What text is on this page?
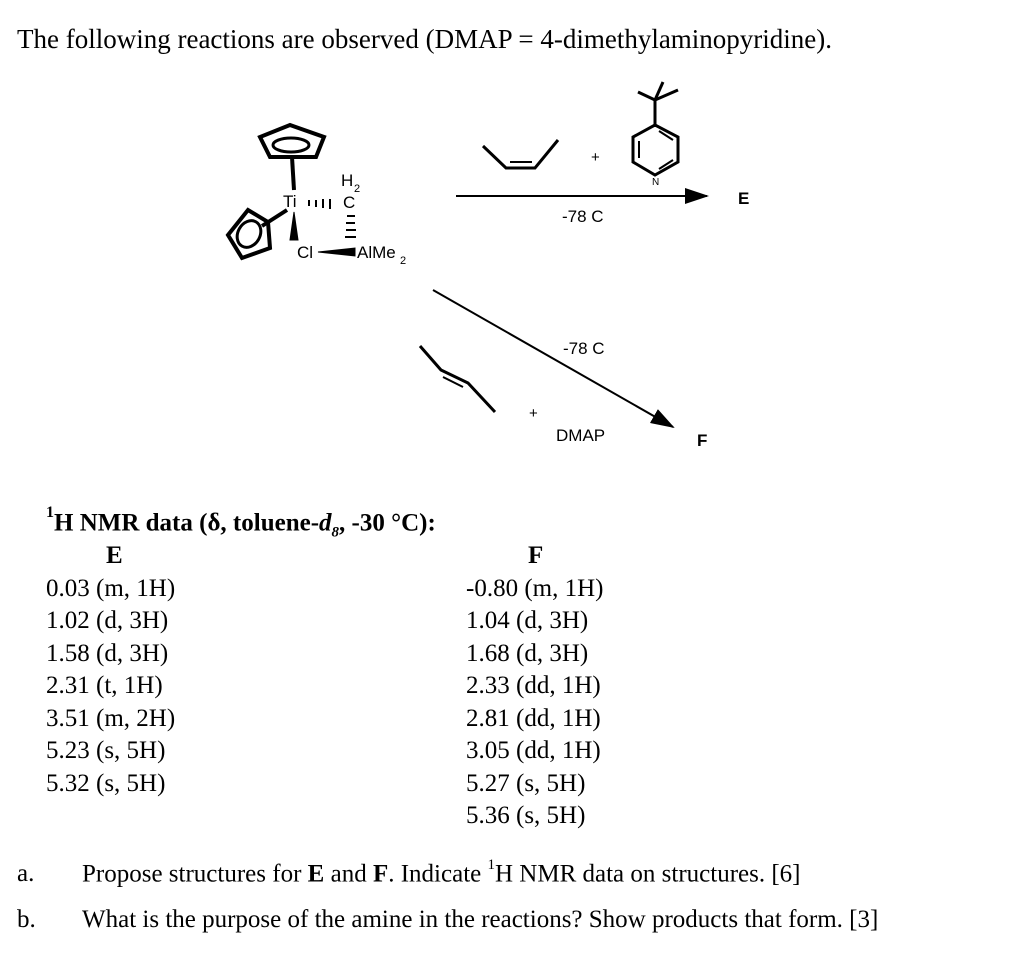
The following reactions are observed (DMAP = 4-dimethylaminopyridine).
Ti
H 2
C
Cl	AlMe 2
+
N
-78 C
E
-78 C
+
DMAP	F
$^1$H NMR data (δ, toluene-$d_8$, -30 °C):
E
0.03 (m, 1H)
1.02 (d, 3H)
1.58 (d, 3H)
2.31 (t, 1H)
3.51 (m, 2H)
5.23 (s, 5H)
5.32 (s, 5H)
F
-0.80 (m, 1H)
1.04 (d, 3H)
1.68 (d, 3H)
2.33 (dd, 1H)
2.81 (dd, 1H)
3.05 (dd, 1H)
5.27 (s, 5H)
5.36 (s, 5H)
a. Propose structures for E and F. Indicate $^1$H NMR data on structures. [6]
b. What is the purpose of the amine in the reactions? Show products that form. [3]
